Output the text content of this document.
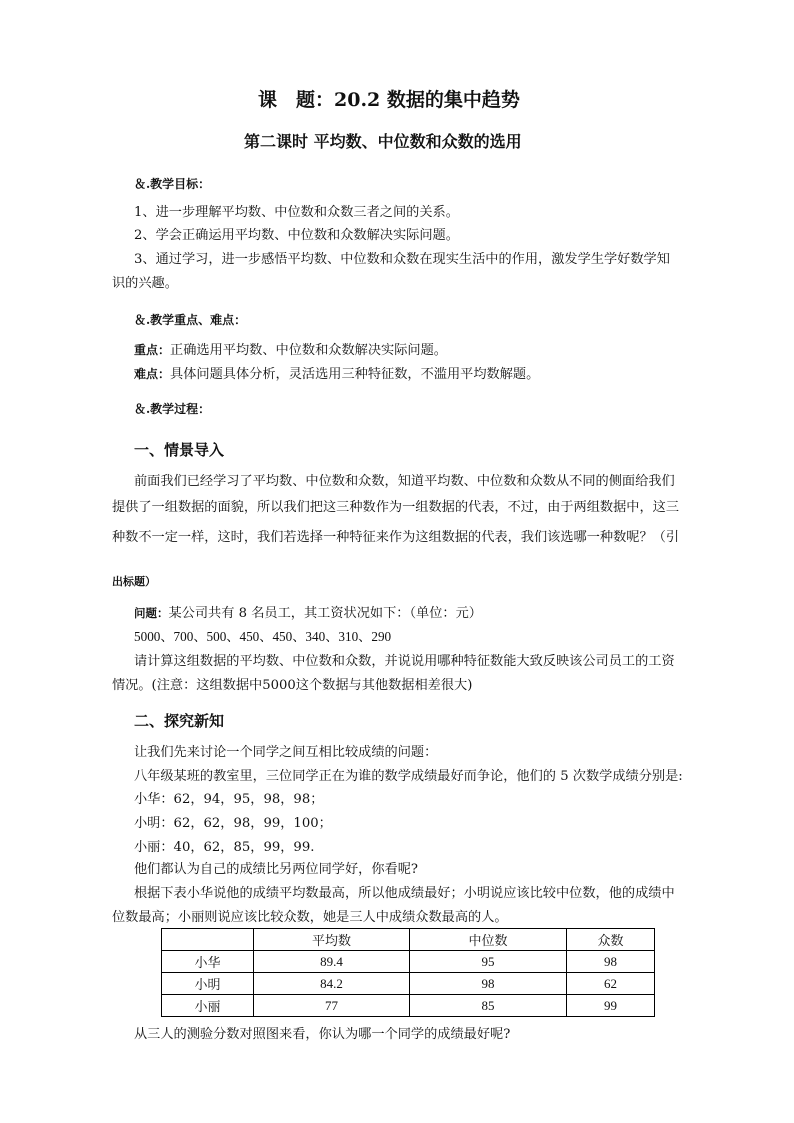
课　题：20.2 数据的集中趋势
第二课时 平均数、中位数和众数的选用
＆.教学目标：
1、进一步理解平均数、中位数和众数三者之间的关系。
2、学会正确运用平均数、中位数和众数解决实际问题。
3、通过学习，进一步感悟平均数、中位数和众数在现实生活中的作用，激发学生学好数学知
识的兴趣。
＆.教学重点、难点：
重点：正确选用平均数、中位数和众数解决实际问题。
难点：具体问题具体分析，灵活选用三种特征数，不滥用平均数解题。
＆.教学过程：
一、情景导入
前面我们已经学习了平均数、中位数和众数，知道平均数、中位数和众数从不同的侧面给我们
提供了一组数据的面貌，所以我们把这三种数作为一组数据的代表，不过，由于两组数据中，这三
种数不一定一样，这时，我们若选择一种特征来作为这组数据的代表，我们该选哪一种数呢？（引
出标题）
问题：某公司共有 8 名员工，其工资状况如下：（单位：元）
5000、700、500、450、450、340、310、290
请计算这组数据的平均数、中位数和众数，并说说用哪种特征数能大致反映该公司员工的工资
情况。(注意：这组数据中5000这个数据与其他数据相差很大)
二、探究新知
让我们先来讨论一个同学之间互相比较成绩的问题：
八年级某班的教室里，三位同学正在为谁的数学成绩最好而争论，他们的 5 次数学成绩分别是:
小华：62，94，95，98，98；
小明：62，62，98，99，100；
小丽：40，62，85，99，99.
他们都认为自己的成绩比另两位同学好，你看呢?
根据下表小华说他的成绩平均数最高，所以他成绩最好；小明说应该比较中位数，他的成绩中
位数最高；小丽则说应该比较众数，她是三人中成绩众数最高的人。
	平均数	中位数	众数
小华	89.4	95	98
小明	84.2	98	62
小丽	77	85	99
从三人的测验分数对照图来看，你认为哪一个同学的成绩最好呢?
